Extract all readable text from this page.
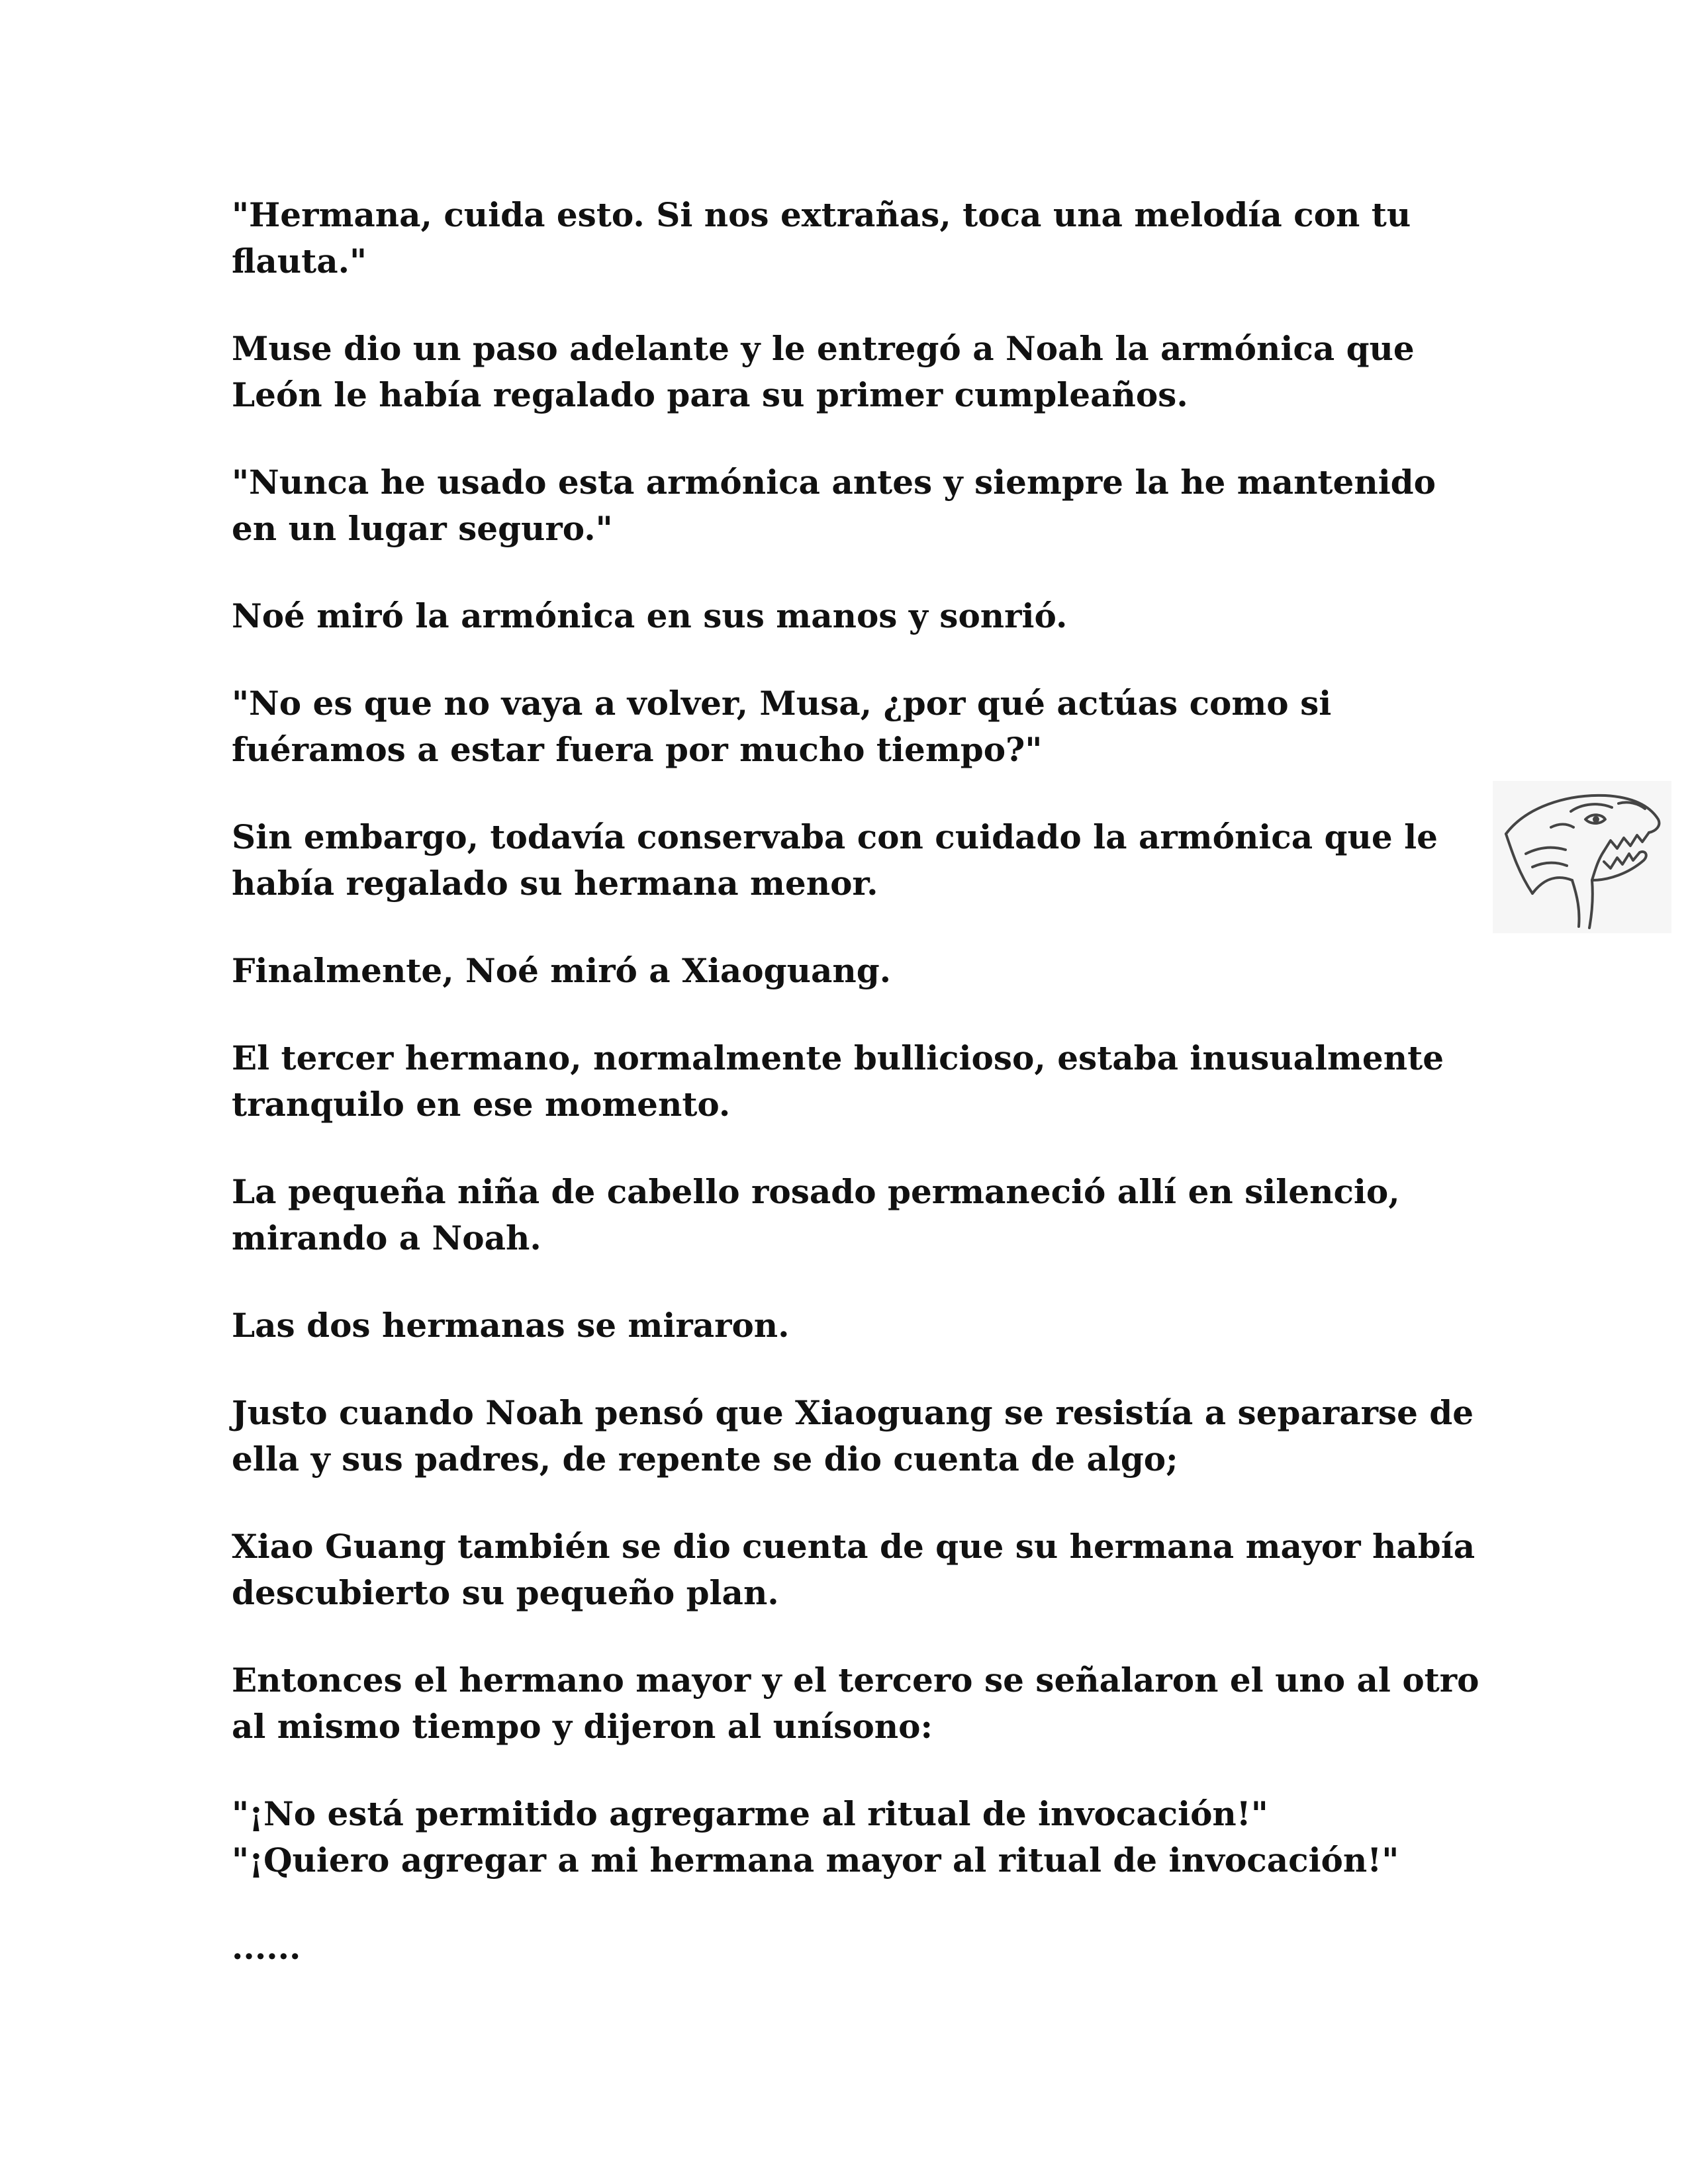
"Hermana, cuida esto. Si nos extrañas, toca una melodía con tu flauta."

Muse dio un paso adelante y le entregó a Noah la armónica que León le había regalado para su primer cumpleaños.

"Nunca he usado esta armónica antes y siempre la he mantenido en un lugar seguro."

Noé miró la armónica en sus manos y sonrió.

"No es que no vaya a volver, Musa, ¿por qué actúas como si fuéramos a estar fuera por mucho tiempo?"

Sin embargo, todavía conservaba con cuidado la armónica que le había regalado su hermana menor.

Finalmente, Noé miró a Xiaoguang.

El tercer hermano, normalmente bullicioso, estaba inusualmente tranquilo en ese momento.

La pequeña niña de cabello rosado permaneció allí en silencio, mirando a Noah.

Las dos hermanas se miraron.

Justo cuando Noah pensó que Xiaoguang se resistía a separarse de ella y sus padres, de repente se dio cuenta de algo;

Xiao Guang también se dio cuenta de que su hermana mayor había descubierto su pequeño plan.

Entonces el hermano mayor y el tercero se señalaron el uno al otro al mismo tiempo y dijeron al unísono:

"¡No está permitido agregarme al ritual de invocación!"
"¡Quiero agregar a mi hermana mayor al ritual de invocación!"

......
